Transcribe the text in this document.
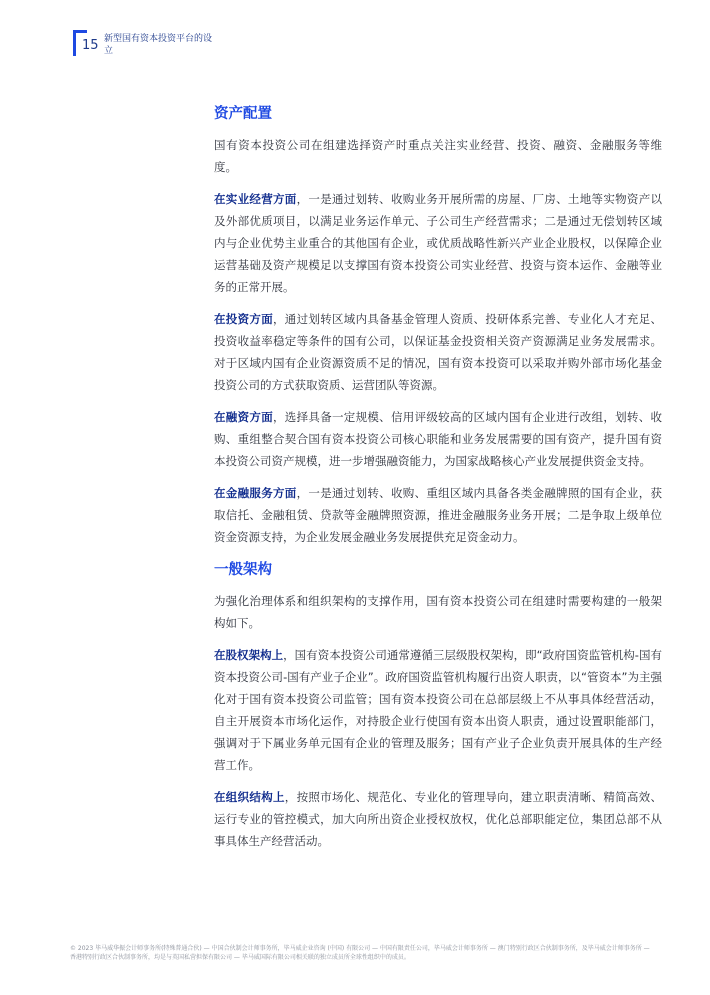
15 新型国有资本投资平台的设立
资产配置

国有资本投资公司在组建选择资产时重点关注实业经营、投资、融资、金融服务等维度。

在实业经营方面，一是通过划转、收购业务开展所需的房屋、厂房、土地等实物资产以及外部优质项目，以满足业务运作单元、子公司生产经营需求；二是通过无偿划转区域内与企业优势主业重合的其他国有企业，或优质战略性新兴产业企业股权，以保障企业运营基础及资产规模足以支撑国有资本投资公司实业经营、投资与资本运作、金融等业务的正常开展。

在投资方面，通过划转区域内具备基金管理人资质、投研体系完善、专业化人才充足、投资收益率稳定等条件的国有公司，以保证基金投资相关资产资源满足业务发展需求。对于区域内国有企业资源资质不足的情况，国有资本投资可以采取并购外部市场化基金投资公司的方式获取资质、运营团队等资源。

在融资方面，选择具备一定规模、信用评级较高的区域内国有企业进行改组，划转、收购、重组整合契合国有资本投资公司核心职能和业务发展需要的国有资产，提升国有资本投资公司资产规模，进一步增强融资能力，为国家战略核心产业发展提供资金支持。

在金融服务方面，一是通过划转、收购、重组区域内具备各类金融牌照的国有企业，获取信托、金融租赁、贷款等金融牌照资源，推进金融服务业务开展；二是争取上级单位资金资源支持，为企业发展金融业务发展提供充足资金动力。

一般架构

为强化治理体系和组织架构的支撑作用，国有资本投资公司在组建时需要构建的一般架构如下。

在股权架构上，国有资本投资公司通常遵循三层级股权架构，即“政府国资监管机构-国有资本投资公司-国有产业子企业”。政府国资监管机构履行出资人职责，以“管资本”为主强化对于国有资本投资公司监管；国有资本投资公司在总部层级上不从事具体经营活动，自主开展资本市场化运作，对持股企业行使国有资本出资人职责，通过设置职能部门，强调对于下属业务单元国有企业的管理及服务；国有产业子企业负责开展具体的生产经营工作。

在组织结构上，按照市场化、规范化、专业化的管理导向，建立职责清晰、精简高效、运行专业的管控模式，加大向所出资企业授权放权，优化总部职能定位，集团总部不从事具体生产经营活动。

© 2023 毕马威华振会计师事务所(特殊普通合伙) — 中国合伙制会计师事务所，毕马威企业咨询 (中国) 有限公司 — 中国有限责任公司，毕马威会计师事务所 — 澳门特别行政区合伙制事务所，及毕马威会计师事务所 — 香港特别行政区合伙制事务所，均是与英国私营担保有限公司 — 毕马威国际有限公司相关联的独立成员所全球性组织中的成员。
